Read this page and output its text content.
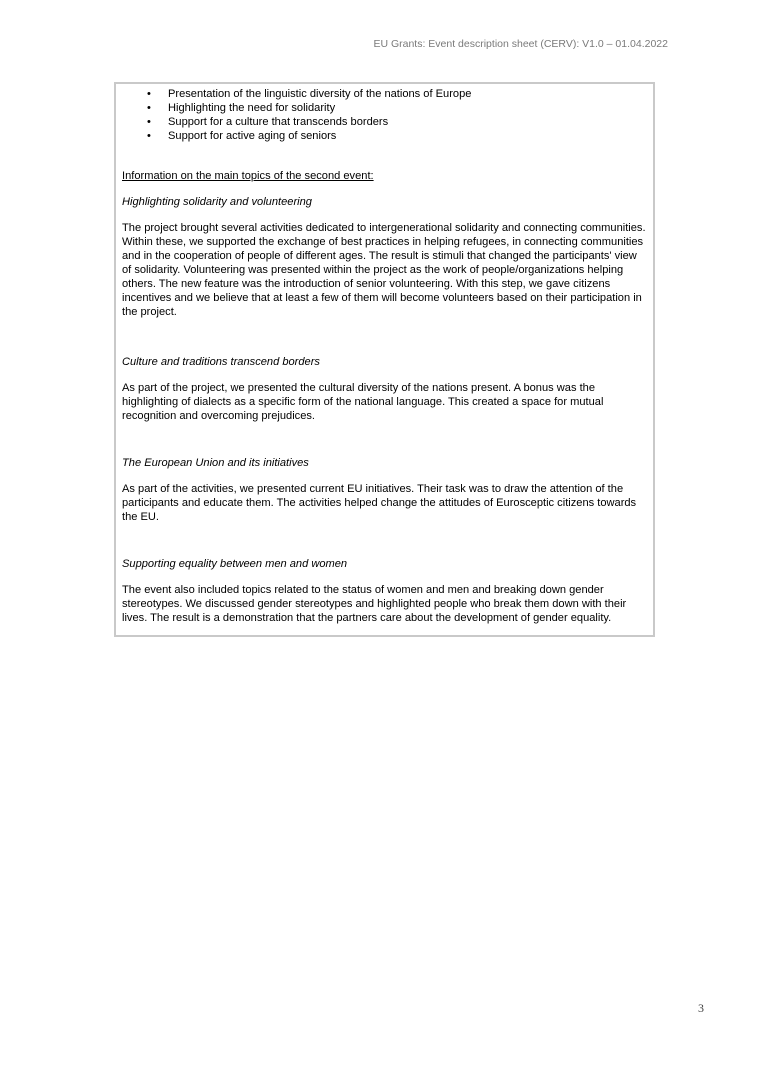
EU Grants: Event description sheet (CERV): V1.0 – 01.04.2022
• Presentation of the linguistic diversity of the nations of Europe
• Highlighting the need for solidarity
• Support for a culture that transcends borders
• Support for active aging of seniors

Information on the main topics of the second event:

Highlighting solidarity and volunteering

The project brought several activities dedicated to intergenerational solidarity and connecting communities. Within these, we supported the exchange of best practices in helping refugees, in connecting communities and in the cooperation of people of different ages. The result is stimuli that changed the participants' view of solidarity. Volunteering was presented within the project as the work of people/organizations helping others. The new feature was the introduction of senior volunteering. With this step, we gave citizens incentives and we believe that at least a few of them will become volunteers based on their participation in the project.

Culture and traditions transcend borders

As part of the project, we presented the cultural diversity of the nations present. A bonus was the highlighting of dialects as a specific form of the national language. This created a space for mutual recognition and overcoming prejudices.

The European Union and its initiatives

As part of the activities, we presented current EU initiatives. Their task was to draw the attention of the participants and educate them. The activities helped change the attitudes of Eurosceptic citizens towards the EU.

Supporting equality between men and women

The event also included topics related to the status of women and men and breaking down gender stereotypes. We discussed gender stereotypes and highlighted people who break them down with their lives. The result is a demonstration that the partners care about the development of gender equality.

3
